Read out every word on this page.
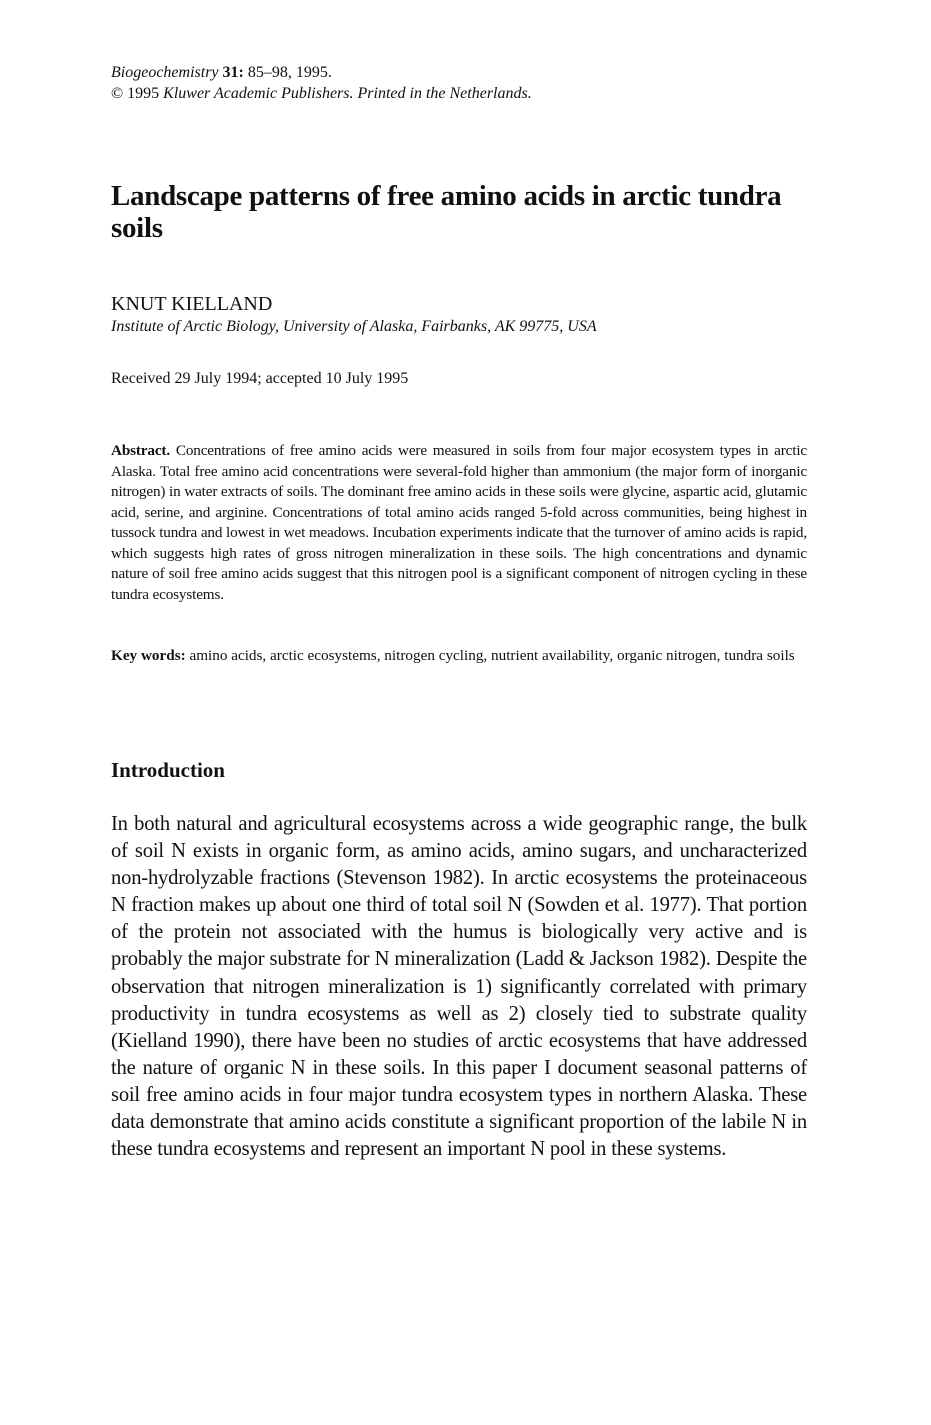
Biogeochemistry 31: 85–98, 1995.

© 1995 Kluwer Academic Publishers. Printed in the Netherlands.

Landscape patterns of free amino acids in arctic tundra soils

KNUT KIELLAND

Institute of Arctic Biology, University of Alaska, Fairbanks, AK 99775, USA

Received 29 July 1994; accepted 10 July 1995

Abstract. Concentrations of free amino acids were measured in soils from four major ecosystem types in arctic Alaska. Total free amino acid concentrations were several-fold higher than ammonium (the major form of inorganic nitrogen) in water extracts of soils. The dominant free amino acids in these soils were glycine, aspartic acid, glutamic acid, serine, and arginine. Concentrations of total amino acids ranged 5-fold across communities, being highest in tussock tundra and lowest in wet meadows. Incubation experiments indicate that the turnover of amino acids is rapid, which suggests high rates of gross nitrogen mineralization in these soils. The high concentrations and dynamic nature of soil free amino acids suggest that this nitrogen pool is a significant component of nitrogen cycling in these tundra ecosystems.

Key words: amino acids, arctic ecosystems, nitrogen cycling, nutrient availability, organic nitrogen, tundra soils

Introduction

In both natural and agricultural ecosystems across a wide geographic range, the bulk of soil N exists in organic form, as amino acids, amino sugars, and uncharacterized non-hydrolyzable fractions (Stevenson 1982). In arctic ecosystems the proteinaceous N fraction makes up about one third of total soil N (Sowden et al. 1977). That portion of the protein not associated with the humus is biologically very active and is probably the major substrate for N mineralization (Ladd & Jackson 1982). Despite the observation that nitrogen mineralization is 1) significantly correlated with primary productivity in tundra ecosystems as well as 2) closely tied to substrate quality (Kielland 1990), there have been no studies of arctic ecosystems that have addressed the nature of organic N in these soils. In this paper I document seasonal patterns of soil free amino acids in four major tundra ecosystem types in northern Alaska. These data demonstrate that amino acids constitute a significant proportion of the labile N in these tundra ecosystems and represent an important N pool in these systems.
